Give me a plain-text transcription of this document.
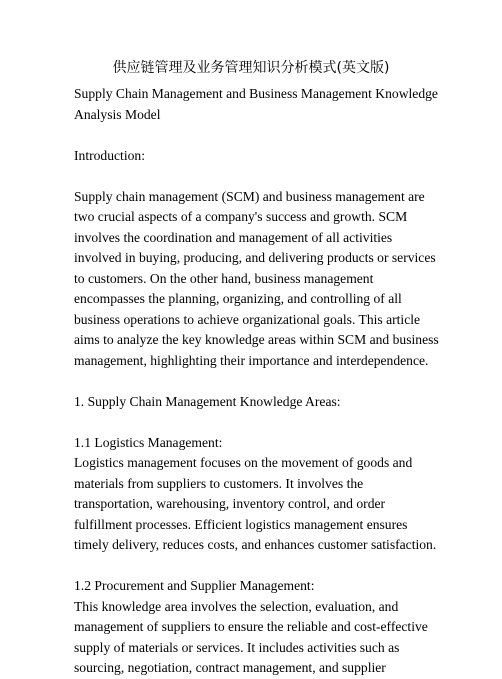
供应链管理及业务管理知识分析模式(英文版)
Supply Chain Management and Business Management Knowledge
Analysis Model
Introduction:
Supply chain management (SCM) and business management are
two crucial aspects of a company's success and growth. SCM
involves the coordination and management of all activities
involved in buying, producing, and delivering products or services
to customers. On the other hand, business management
encompasses the planning, organizing, and controlling of all
business operations to achieve organizational goals. This article
aims to analyze the key knowledge areas within SCM and business
management, highlighting their importance and interdependence.
1. Supply Chain Management Knowledge Areas:
1.1 Logistics Management:
Logistics management focuses on the movement of goods and
materials from suppliers to customers. It involves the
transportation, warehousing, inventory control, and order
fulfillment processes. Efficient logistics management ensures
timely delivery, reduces costs, and enhances customer satisfaction.
1.2 Procurement and Supplier Management:
This knowledge area involves the selection, evaluation, and
management of suppliers to ensure the reliable and cost-effective
supply of materials or services. It includes activities such as
sourcing, negotiation, contract management, and supplier
